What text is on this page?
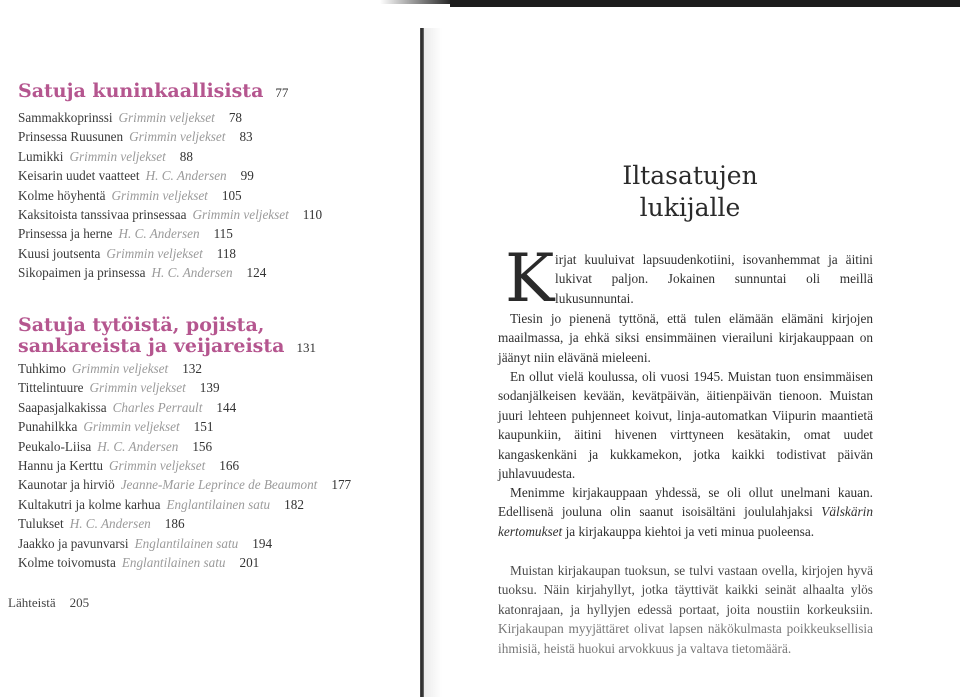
Satuja kuninkaallisista 77
Sammakkoprinssi Grimmin veljekset 78
Prinsessa Ruusunen Grimmin veljekset 83
Lumikki Grimmin veljekset 88
Keisarin uudet vaatteet H. C. Andersen 99
Kolme höyhentä Grimmin veljekset 105
Kaksitoista tanssivaa prinsessaa Grimmin veljekset 110
Prinsessa ja herne H. C. Andersen 115
Kuusi joutsenta Grimmin veljekset 118
Sikopaimen ja prinsessa H. C. Andersen 124
Satuja tytöistä, pojista,
sankareista ja veijareista 131
Tuhkimo Grimmin veljekset 132
Tittelintuure Grimmin veljekset 139
Saapasjalkakissa Charles Perrault 144
Punahilkka Grimmin veljekset 151
Peukalo-Liisa H. C. Andersen 156
Hannu ja Kerttu Grimmin veljekset 166
Kaunotar ja hirviö Jeanne-Marie Leprince de Beaumont 177
Kultakutri ja kolme karhua Englantilainen satu 182
Tulukset H. C. Andersen 186
Jaakko ja pavunvarsi Englantilainen satu 194
Kolme toivomusta Englantilainen satu 201
Lähteistä 205
Iltasatujen
lukijalle
K irjat kuuluivat lapsuudenkotiini, isovanhemmat ja äitini lukivat paljon. Jokainen sunnuntai oli meillä lukusunnuntai.

Tiesin jo pienenä tyttönä, että tulen elämään elämäni kirjojen maailmassa, ja ehkä siksi ensimmäinen vierailuni kirjakauppaan on jäänyt niin elävänä mieleeni.

En ollut vielä koulussa, oli vuosi 1945. Muistan tuon ensimmäisen sodanjälkeisen kevään, kevätpäivän, äitienpäivän tienoon. Muistan juuri lehteen puhjenneet koivut, linja-automatkan Viipurin maantietä kaupunkiin, äitini hivenen virttyneen kesätakin, omat uudet kangaskenkäni ja kukkamekon, jotka kaikki todistivat päivän juhlavuudesta.

Menimme kirjakauppaan yhdessä, se oli ollut unelmani kauan. Edellisenä jouluna olin saanut isoisältäni joululahjaksi Välskärin kertomukset ja kirjakauppa kiehtoi ja veti minua puoleensa.

Muistan kirjakaupan tuoksun, se tulvi vastaan ovella, kirjojen hyvä tuoksu. Näin kirjahyllyt, jotka täyttivät kaikki seinät alhaalta ylös katonrajaan, ja hyllyjen edessä portaat, joita noustiin korkeuksiin. Kirjakaupan myyjättäret olivat lapsen näkökulmasta poikkeuksellisia ihmisiä, heistä huokui arvokkuus ja valtava tietomäärä.
